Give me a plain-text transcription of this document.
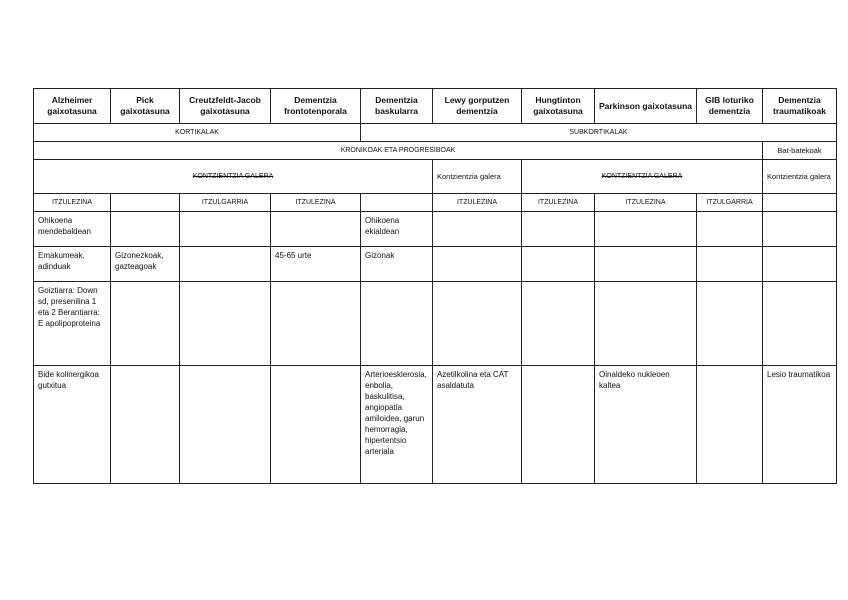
Alzheimer gaixotasuna	Pick gaixotasuna	Creutzfeldt-Jacob gaixotasuna	Dementzia frontotenporala	Dementzia baskularra	Lewy gorputzen dementzia	Hungtinton gaixotasuna	Parkinson gaixotasuna	GIB loturiko dementzia	Dementzia traumatikoak
KORTIKALAK				SUBKORTIKALAK					
KRONIKOAK ETA PROGRESIBOAK									Bat-batekoak
KONTZIENTZIA GALERA					Kontzientzia galera	KONTZIENTZIA GALERA			Kontzientzia galera
ITZULEZINA		ITZULGARRIA	ITZULEZINA		ITZULEZINA	ITZULEZINA	ITZULEZINA	ITZULGARRIA	
Ohikoena mendebaldean				Ohikoena ekialdean					
Emakumeak, adinduak	Gizonezkoak, gazteagoak		45-65 urte	Gizonak					
Goiztiarra: Down sd, presenilina 1 eta 2 Berantiarra: E apolipoproteina									
Bide kolinergikoa gutxitua				Arterioesklerosia, enbolia, baskulitisa, angiopatia amiloidea, garun hemorragia, hipertentsio arteriala	Azetilkolina eta CAT asaldatuta		Oinaldeko nukleoen kaltea		Lesio traumatikoa
